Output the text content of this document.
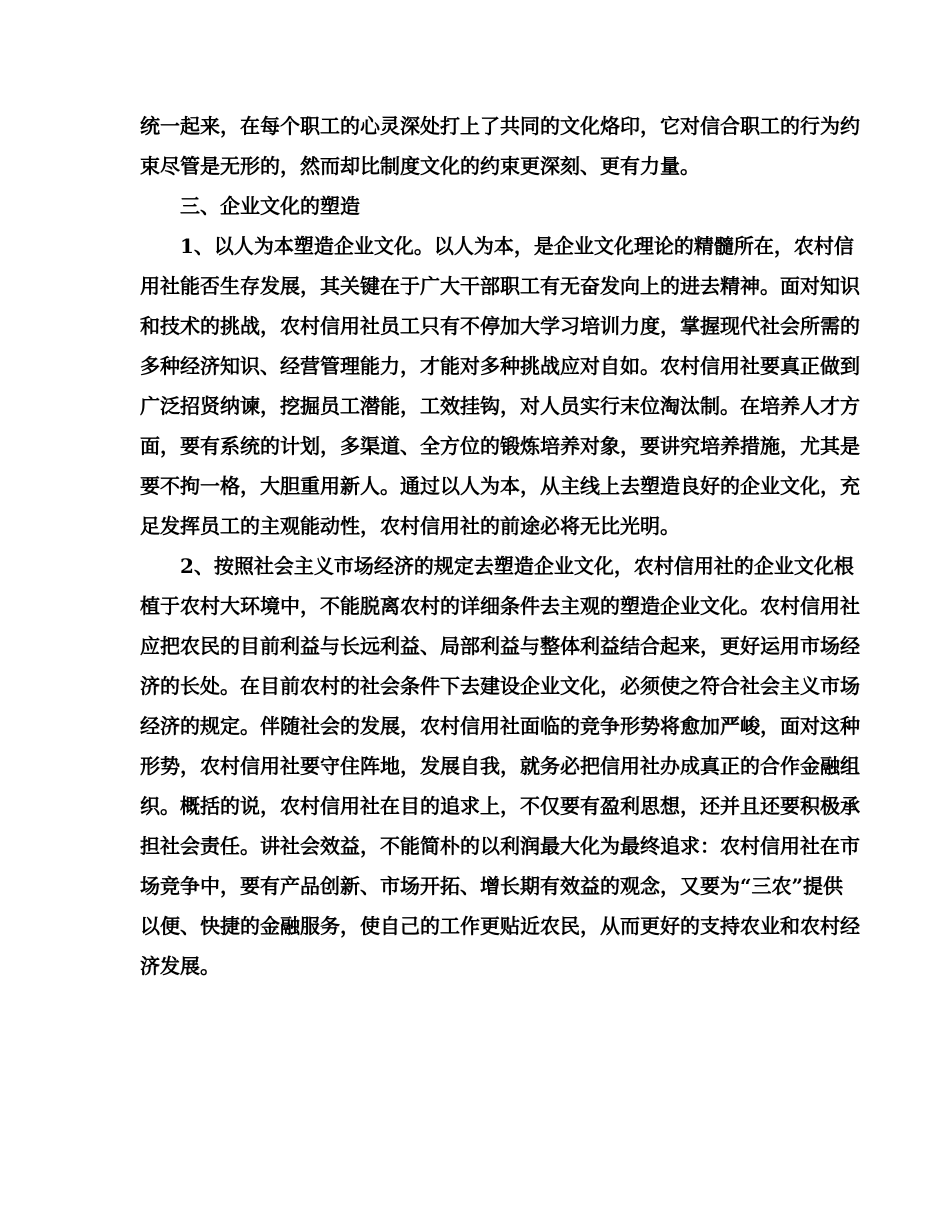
统一起来，在每个职工的心灵深处打上了共同的文化烙印，它对信合职工的行为约
束尽管是无形的，然而却比制度文化的约束更深刻、更有力量。
三、企业文化的塑造
1、以人为本塑造企业文化。以人为本，是企业文化理论的精髓所在，农村信
用社能否生存发展，其关键在于广大干部职工有无奋发向上的进去精神。面对知识
和技术的挑战，农村信用社员工只有不停加大学习培训力度，掌握现代社会所需的
多种经济知识、经营管理能力，才能对多种挑战应对自如。农村信用社要真正做到
广泛招贤纳谏，挖掘员工潜能，工效挂钩，对人员实行末位淘汰制。在培养人才方
面，要有系统的计划，多渠道、全方位的锻炼培养对象，要讲究培养措施，尤其是
要不拘一格，大胆重用新人。通过以人为本，从主线上去塑造良好的企业文化，充
足发挥员工的主观能动性，农村信用社的前途必将无比光明。
2、按照社会主义市场经济的规定去塑造企业文化，农村信用社的企业文化根
植于农村大环境中，不能脱离农村的详细条件去主观的塑造企业文化。农村信用社
应把农民的目前利益与长远利益、局部利益与整体利益结合起来，更好运用市场经
济的长处。在目前农村的社会条件下去建设企业文化，必须使之符合社会主义市场
经济的规定。伴随社会的发展，农村信用社面临的竞争形势将愈加严峻，面对这种
形势，农村信用社要守住阵地，发展自我，就务必把信用社办成真正的合作金融组
织。概括的说，农村信用社在目的追求上，不仅要有盈利思想，还并且还要积极承
担社会责任。讲社会效益，不能简朴的以利润最大化为最终追求：农村信用社在市
场竞争中，要有产品创新、市场开拓、增长期有效益的观念，又要为“三农”提供
以便、快捷的金融服务，使自己的工作更贴近农民，从而更好的支持农业和农村经
济发展。
